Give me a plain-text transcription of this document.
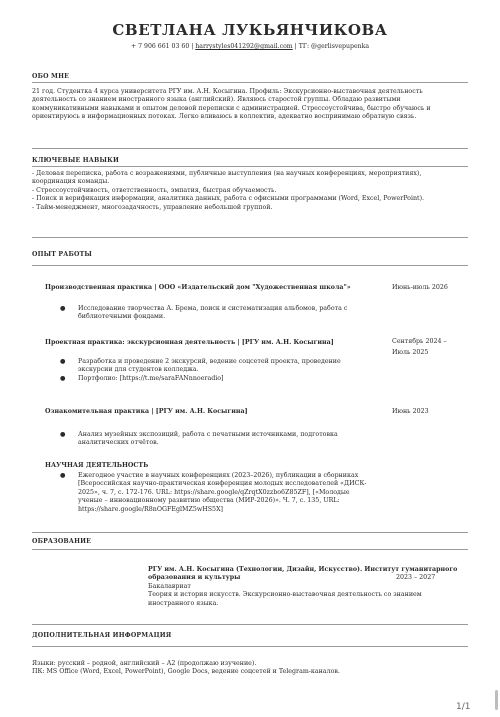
СВЕТЛАНА ЛУКЬЯНЧИКОВА
+ 7 906 661 03 60 | harrystyles041292@gmail.com | ТГ: @gerlisvepupenka
ОБО МНЕ
21 год. Студентка 4 курса университета РГУ им. А.Н. Косыгина. Профиль: Экскурсионно-выставочная деятельность
деятельность со знанием иностранного языка (английский). Являюсь старостой группы. Обладаю развитыми
коммуникативными навыками и опытом деловой переписки с администрацией. Стрессоустойчива, быстро обучаюсь и
ориентируюсь в информационных потоках. Легко вливаюсь в коллектив, адекватно воспринимаю обратную связь.
КЛЮЧЕВЫЕ НАВЫКИ
- Деловая переписка, работа с возражениями, публичные выступления (на научных конференциях, мероприятиях),
координация команды.
- Стрессоустойчивость, ответственность, эмпатия, быстрая обучаемость.
- Поиск и верификация информации, аналитика данных, работа с офисными программами (Word, Excel, PowerPoint).
- Тайм-менеджмент, многозадачность, управление небольшой группой.
ОПЫТ РАБОТЫ
Производственная практика | ООО «Издательский дом "Художественная школа"»	Июнь-июль 2026
● Исследование творчества А. Брема, поиск и систематизация альбомов, работа с
библиотечными фондами.
Проектная практика: экскурсионная деятельность | [РГУ им. А.Н. Косыгина]	Сентябрь 2024 –
Июль 2025
● Разработка и проведение 2 экскурсий, ведение соцсетей проекта, проведение
экскурсии для студентов колледжа.
● Портфолио: [https://t.me/saraFANnnoeradio]
Ознакомительная практика | [РГУ им. А.Н. Косыгина]	Июнь 2023
● Анализ музейных экспозиций, работа с печатными источниками, подготовка
аналитических отчётов.
НАУЧНАЯ ДЕЯТЕЛЬНОСТЬ
● Ежегодное участие в научных конференциях (2023–2026), публикации в сборниках
[Всероссийская научно-практическая конференция молодых исследователей «ДИСК-
2025», ч. 7, с. 172-176. URL: https://share.google/qZrqtX0zzbo6Z85ZF], [«Молодые
ученые – инновационному развитию общества (МИР-2026)». Ч. 7, с. 135, URL:
https://share.google/R8nOGFEglMZ5wHS5X]
ОБРАЗОВАНИЕ
РГУ им. А.Н. Косыгина (Технологии, Дизайн, Искусство). Институт гуманитарного
образования и культуры	2023 – 2027
Бакалавриат
Теория и история искусств. Экскурсионно-выставочная деятельность со знанием
иностранного языка.
ДОПОЛНИТЕЛЬНАЯ ИНФОРМАЦИЯ
Языки: русский – родной, английский – А2 (продолжаю изучение).
ПК: MS Office (Word, Excel, PowerPoint), Google Docs, ведение соцсетей и Telegram-каналов.
1/1
